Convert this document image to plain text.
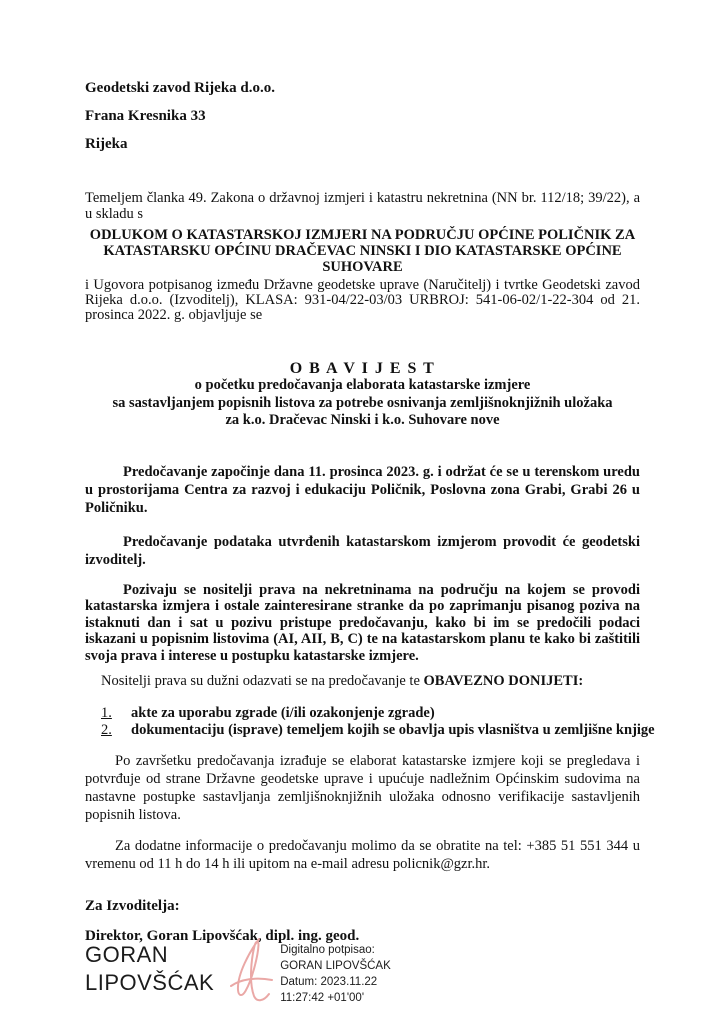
Geodetski zavod Rijeka d.o.o.
Frana Kresnika 33
Rijeka
Temeljem članka 49. Zakona o državnoj izmjeri i katastru nekretnina (NN br. 112/18; 39/22), a u skladu s
ODLUKOM O KATASTARSKOJ IZMJERI NA PODRUČJU OPĆINE POLIČNIK ZA KATASTARSKU OPĆINU DRAČEVAC NINSKI I DIO KATASTARSKE OPĆINE SUHOVARE
i Ugovora potpisanog između Državne geodetske uprave (Naručitelj) i tvrtke Geodetski zavod Rijeka d.o.o. (Izvoditelj), KLASA: 931-04/22-03/03 URBROJ: 541-06-02/1-22-304 od 21. prosinca 2022. g. objavljuje se
O B A V I J E S T
o početku predočavanja elaborata katastarske izmjere
sa sastavljanjem popisnih listova za potrebe osnivanja zemljišnoknjižnih uložaka
za k.o. Dračevac Ninski i k.o. Suhovare nove
Predočavanje započinje dana 11. prosinca 2023. g. i održat će se u terenskom uredu u prostorijama Centra za razvoj i edukaciju Poličnik, Poslovna zona Grabi, Grabi 26 u Poličniku.
Predočavanje podataka utvrđenih katastarskom izmjerom provodit će geodetski izvoditelj.
Pozivaju se nositelji prava na nekretninama na području na kojem se provodi katastarska izmjera i ostale zainteresirane stranke da po zaprimanju pisanog poziva na istaknuti dan i sat u pozivu pristupe predočavanju, kako bi im se predočili podaci iskazani u popisnim listovima (AI, AII, B, C) te na katastarskom planu te kako bi zaštitili svoja prava i interese u postupku katastarske izmjere.
Nositelji prava su dužni odazvati se na predočavanje te OBAVEZNO DONIJETI:
1.	akte za uporabu zgrade (i/ili ozakonjenje zgrade)
2.	dokumentaciju (isprave) temeljem kojih se obavlja upis vlasništva u zemljišne knjige
Po završetku predočavanja izrađuje se elaborat katastarske izmjere koji se pregledava i potvrđuje od strane Državne geodetske uprave i upućuje nadležnim Općinskim sudovima na nastavne postupke sastavljanja zemljišnoknjižnih uložaka odnosno verifikacije sastavljenih popisnih listova.
Za dodatne informacije o predočavanju molimo da se obratite na tel: +385 51 551 344 u vremenu od 11 h do 14 h ili upitom na e-mail adresu policnik@gzr.hr.
Za Izvoditelja:
Direktor, Goran Lipovšćak, dipl. ing. geod.
GORAN
LIPOVŠĆAK
Digitalno potpisao:
GORAN LIPOVŠĆAK
Datum: 2023.11.22
11:27:42 +01'00'
